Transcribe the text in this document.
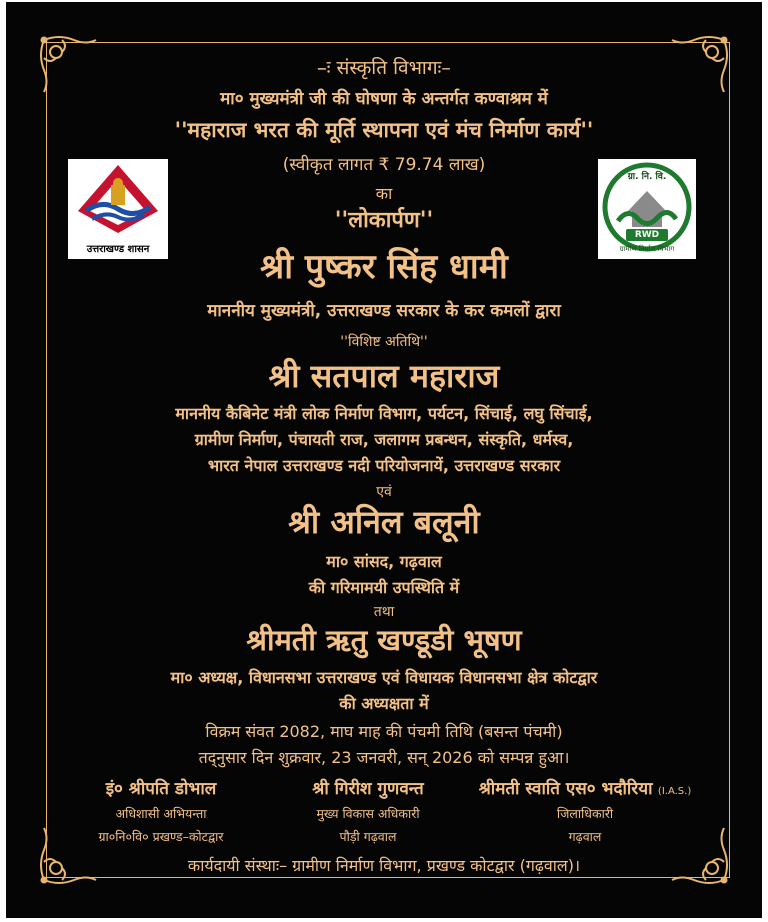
–ः संस्कृति विभागः–
मा० मुख्यमंत्री जी की घोषणा के अन्तर्गत कण्वाश्रम में
''महाराज भरत की मूर्ति स्थापना एवं मंच निर्माण कार्य''
(स्वीकृत लागत ₹ 79.74 लाख)
का
''लोकार्पण''
उत्तराखण्ड शासन
ग्रा. नि. वि.
RWD
ग्रामीण निर्माण विभाग
श्री पुष्कर सिंह धामी
माननीय मुख्यमंत्री, उत्तराखण्ड सरकार के कर कमलों द्वारा
''विशिष्ट अतिथि''
श्री सतपाल महाराज
माननीय कैबिनेट मंत्री लोक निर्माण विभाग, पर्यटन, सिंचाई, लघु सिंचाई,
ग्रामीण निर्माण, पंचायती राज, जलागम प्रबन्धन, संस्कृति, धर्मस्व,
भारत नेपाल उत्तराखण्ड नदी परियोजनायें, उत्तराखण्ड सरकार
एवं
श्री अनिल बलूनी
मा० सांसद, गढ़वाल
की गरिमामयी उपस्थिति में
तथा
श्रीमती ऋतु खण्डूडी भूषण
मा० अध्यक्ष, विधानसभा उत्तराखण्ड एवं विधायक विधानसभा क्षेत्र कोटद्वार
की अध्यक्षता में
विक्रम संवत 2082, माघ माह की पंचमी तिथि (बसन्त पंचमी)
तद्नुसार दिन शुक्रवार, 23 जनवरी, सन् 2026 को सम्पन्न हुआ।
इं० श्रीपति डोभाल
अधिशासी अभियन्ता
ग्रा०नि०वि० प्रखण्ड–कोटद्वार
श्री गिरीश गुणवन्त
मुख्य विकास अधिकारी
पौड़ी गढ़वाल
श्रीमती स्वाति एस० भदौरिया (I.A.S.)
जिलाधिकारी
गढ़वाल
कार्यदायी संस्थाः– ग्रामीण निर्माण विभाग, प्रखण्ड कोटद्वार (गढ़वाल)।
